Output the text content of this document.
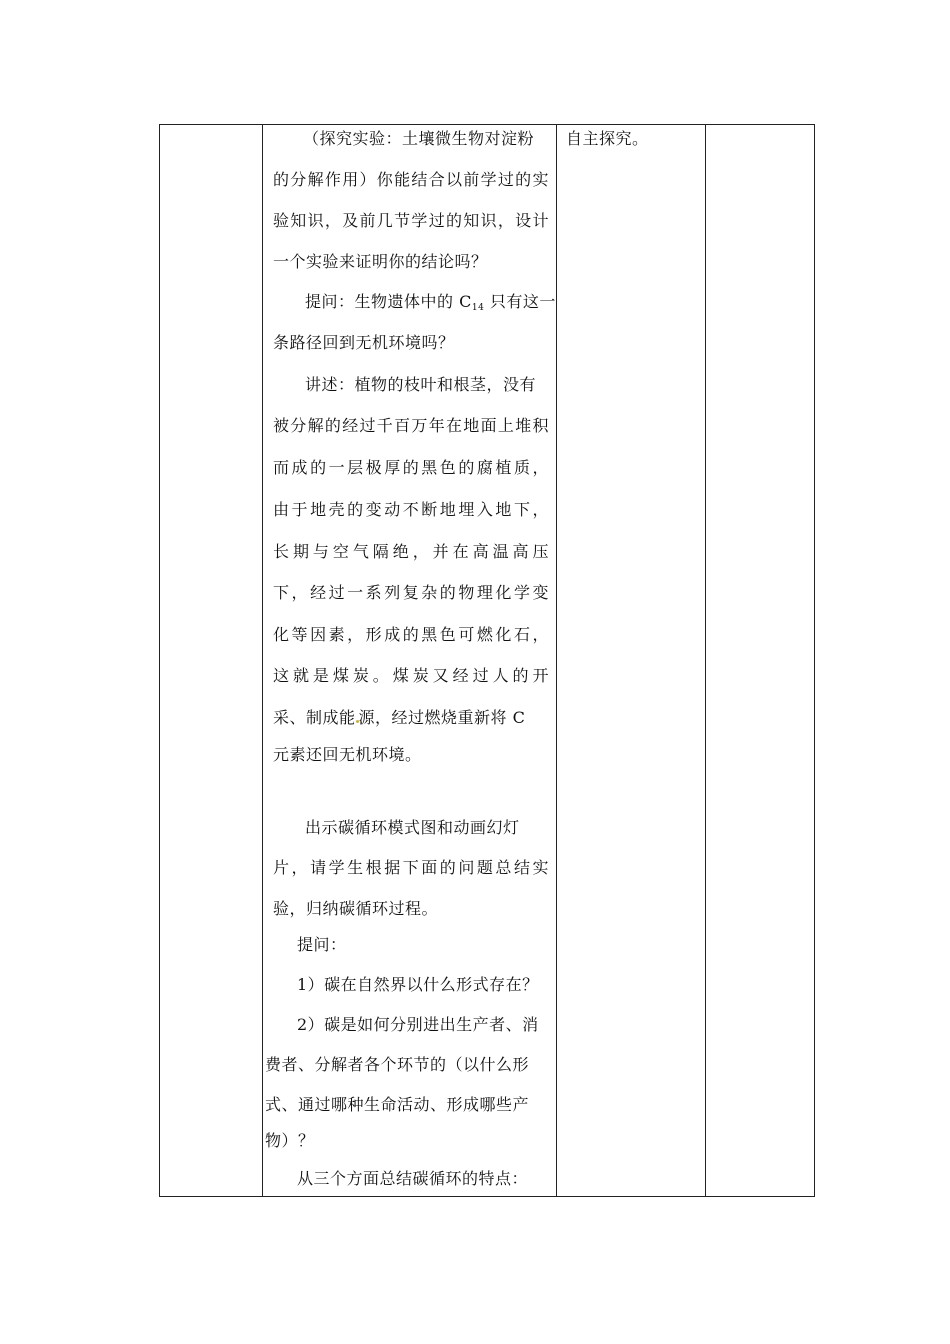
（探究实验：土壤微生物对淀粉
的分解作用）你能结合以前学过的实
验知识，及前几节学过的知识，设计
一个实验来证明你的结论吗？
提问：生物遗体中的 C14 只有这一
条路径回到无机环境吗？
讲述：植物的枝叶和根茎，没有
被分解的经过千百万年在地面上堆积
而成的一层极厚的黑色的腐植质，
由于地壳的变动不断地埋入地下，
长期与空气隔绝，并在高温高压
下，经过一系列复杂的物理化学变
化等因素，形成的黑色可燃化石，
这就是煤炭。煤炭又经过人的开
采、制成能 源，经过燃烧重新将 C
元素还回无机环境。
出示碳循环模式图和动画幻灯
片，请学生根据下面的问题总结实
验，归纳碳循环过程。
提问：
1）碳在自然界以什么形式存在？
2）碳是如何分别进出生产者、消
费者、分解者各个环节的（以什么形
式、通过哪种生命活动、形成哪些产
物）？
从三个方面总结碳循环的特点：
自主探究。
